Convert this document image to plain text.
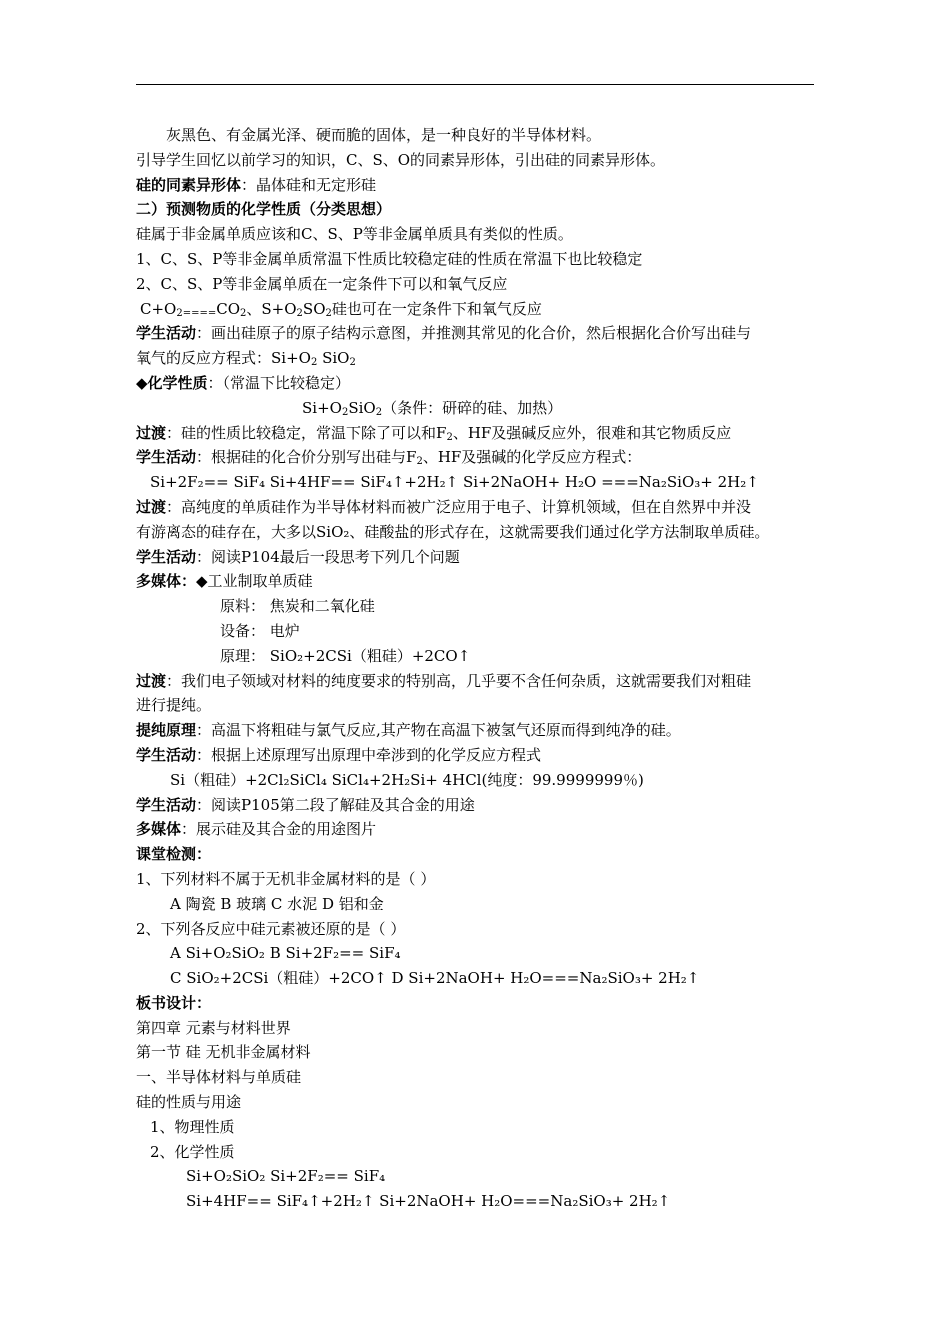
灰黑色、有金属光泽、硬而脆的固体，是一种良好的半导体材料。
引导学生回忆以前学习的知识，C、S、O的同素异形体，引出硅的同素异形体。
硅的同素异形体：晶体硅和无定形硅
二）预测物质的化学性质（分类思想）
硅属于非金属单质应该和C、S、P等非金属单质具有类似的性质。
1、C、S、P等非金属单质常温下性质比较稳定硅的性质在常温下也比较稳定
2、C、S、P等非金属单质在一定条件下可以和氧气反应
$C+O_{2====}CO_2$、$S+O_2SO_2$硅也可在一定条件下和氧气反应
学生活动：画出硅原子的原子结构示意图，并推测其常见的化合价，然后根据化合价写出硅与
氧气的反应方程式：$Si+O_2$ SiO$_2$
◆化学性质：（常温下比较稳定）
$Si+O_2SiO_2$（条件：研碎的硅、加热）
过渡：硅的性质比较稳定，常温下除了可以和$F_2$、HF及强碱反应外，很难和其它物质反应
学生活动：根据硅的化合价分别写出硅与$F_2$、HF及强碱的化学反应方程式：
Si+2F₂== SiF₄ Si+4HF== SiF₄↑+2H₂↑ Si+2NaOH+ H₂O ===Na₂SiO₃+ 2H₂↑
过渡：高纯度的单质硅作为半导体材料而被广泛应用于电子、计算机领域，但在自然界中并没
有游离态的硅存在，大多以SiO₂、硅酸盐的形式存在，这就需要我们通过化学方法制取单质硅。
学生活动：阅读P104最后一段思考下列几个问题
多媒体：◆工业制取单质硅
原料： 焦炭和二氧化硅
设备： 电炉
原理： SiO₂+2CSi（粗硅）+2CO↑
过渡：我们电子领域对材料的纯度要求的特别高，几乎要不含任何杂质，这就需要我们对粗硅
进行提纯。
提纯原理：高温下将粗硅与氯气反应,其产物在高温下被氢气还原而得到纯净的硅。
学生活动：根据上述原理写出原理中牵涉到的化学反应方程式
Si（粗硅）+2Cl₂SiCl₄ SiCl₄+2H₂Si+ 4HCl(纯度：99.9999999％)
学生活动：阅读P105第二段了解硅及其合金的用途
多媒体：展示硅及其合金的用途图片
课堂检测：
1、下列材料不属于无机非金属材料的是（ ）
A 陶瓷 B 玻璃 C 水泥 D 铝和金
2、下列各反应中硅元素被还原的是（ ）
A Si+O₂SiO₂ B Si+2F₂== SiF₄
C SiO₂+2CSi（粗硅）+2CO↑ D Si+2NaOH+ H₂O===Na₂SiO₃+ 2H₂↑
板书设计：
第四章 元素与材料世界
第一节 硅 无机非金属材料
一、半导体材料与单质硅
硅的性质与用途
1、物理性质
2、化学性质
Si+O₂SiO₂ Si+2F₂== SiF₄
Si+4HF== SiF₄↑+2H₂↑ Si+2NaOH+ H₂O===Na₂SiO₃+ 2H₂↑
